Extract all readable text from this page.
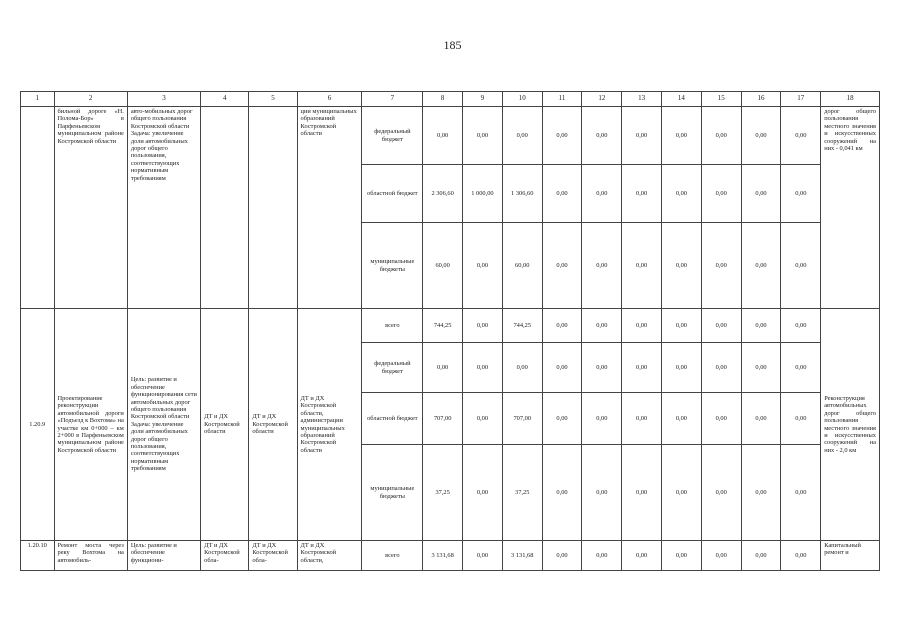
185
1	2	3	4	5	6	7	8	9	10	11	12	13	14	15	16	17	18
	бильной дороге «Н. Полома-Бор» в Парфеньевском муниципальном районе Костромской области	авто-мобильных дорог общего пользования Костромской области Задача: увеличение доли автомобильных дорог общего пользования, соответствующих нормативным требованиям			ции муниципальных образований Костромской области	федеральный бюджет	0,00	0,00	0,00	0,00	0,00	0,00	0,00	0,00	0,00	0,00	дорог общего пользования местного значения и искусственных сооружений на них - 0,041 км
						областной бюджет	2 306,60	1 000,00	1 306,60	0,00	0,00	0,00	0,00	0,00	0,00	0,00	
						муниципальные бюджеты	60,00	0,00	60,00	0,00	0,00	0,00	0,00	0,00	0,00	0,00	
1.20.9	Проектирование реконструкции автомобильной дороги «Подъезд к Вохтома» на участке км 0+000 – км 2+000 в Парфеньевском муниципальном районе Костромской области	Цель: развитие и обеспечение функционирования сети автомобильных дорог общего пользования Костромской области Задача: увеличение доли автомобильных дорог общего пользования, соответствующих нормативным требованиям	ДТ и ДХ Костромской области	ДТ и ДХ Костромской области	ДТ и ДХ Костромской области, администрации муниципальных образований Костромской области	всего	744,25	0,00	744,25	0,00	0,00	0,00	0,00	0,00	0,00	0,00	Реконструкция автомобильных дорог общего пользования местного значения и искусственных сооружений на них - 2,0 км
						федеральный бюджет	0,00	0,00	0,00	0,00	0,00	0,00	0,00	0,00	0,00	0,00	
						областной бюджет	707,00	0,00	707,00	0,00	0,00	0,00	0,00	0,00	0,00	0,00	
						муниципальные бюджеты	37,25	0,00	37,25	0,00	0,00	0,00	0,00	0,00	0,00	0,00	
1.20.10	Ремонт моста через реку Вохтома на автомобиль-	Цель: развитие и обеспечение функциони-	ДТ и ДХ Костромской обла-	ДТ и ДХ Костромской обла-	ДТ и ДХ Костромской области,	всего	3 131,68	0,00	3 131,68	0,00	0,00	0,00	0,00	0,00	0,00	0,00	Капитальный ремонт и
